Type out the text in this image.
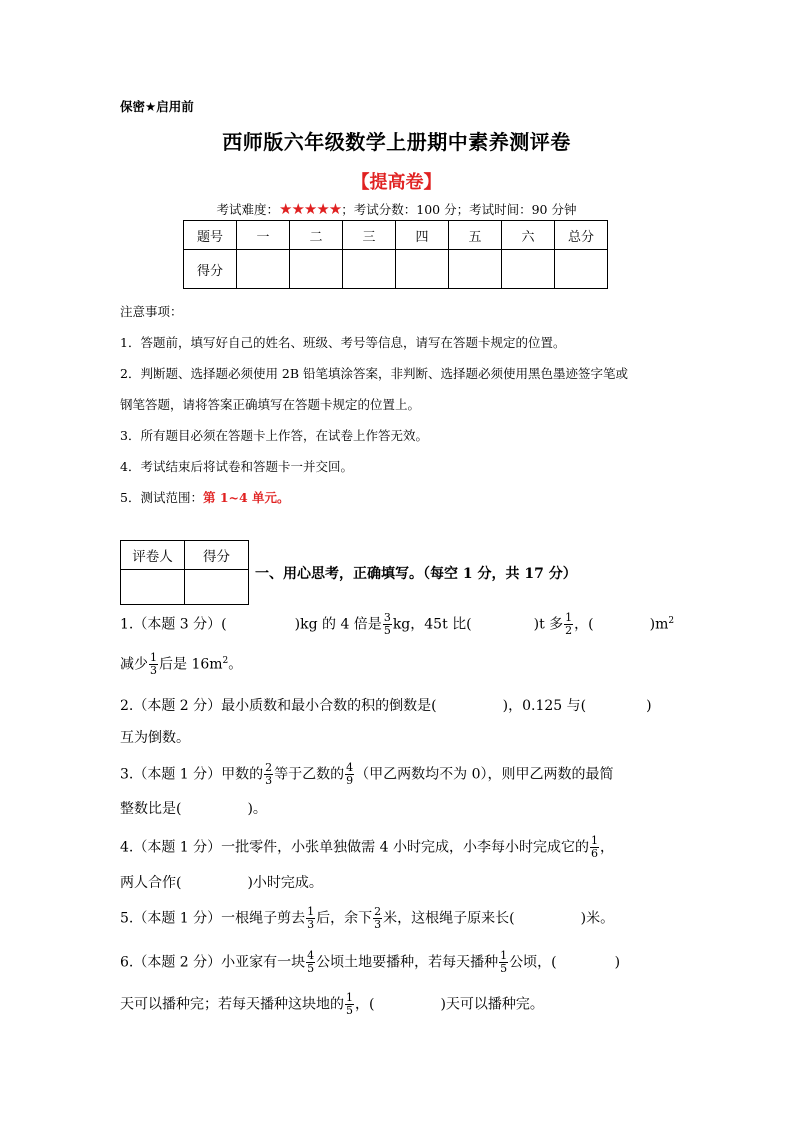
保密★启用前
西师版六年级数学上册期中素养测评卷
【提高卷】
考试难度：★★★★★；考试分数：100 分；考试时间：90 分钟
题号	一	二	三	四	五	六	总分
得分							
注意事项：
1．答题前，填写好自己的姓名、班级、考号等信息，请写在答题卡规定的位置。
2．判断题、选择题必须使用 2B 铅笔填涂答案，非判断、选择题必须使用黑色墨迹签字笔或
钢笔答题，请将答案正确填写在答题卡规定的位置上。
3．所有题目必须在答题卡上作答，在试卷上作答无效。
4．考试结束后将试卷和答题卡一并交回。
5．测试范围：第 1~4 单元。
评卷人	得分

一、用心思考，正确填写。（每空 1 分，共 17 分）
1.（本题 3 分）(	)kg 的 4 倍是 $\frac{3}{5}$ kg，45t 比(	)t 多 $\frac{1}{2}$ ，(	)$m^2$
减少 $\frac{1}{3}$ 后是 $16m^2$。
2.（本题 2 分）最小质数和最小合数的积的倒数是(	)，0.125 与(	)
互为倒数。
3.（本题 1 分）甲数的 $\frac{2}{3}$ 等于乙数的 $\frac{4}{9}$ （甲乙两数均不为 0），则甲乙两数的最简
整数比是(	)。
4.（本题 1 分）一批零件，小张单独做需 4 小时完成，小李每小时完成它的 $\frac{1}{6}$ ，
两人合作(	)小时完成。
5.（本题 1 分）一根绳子剪去 $\frac{1}{3}$ 后，余下 $\frac{2}{3}$ 米，这根绳子原来长(	)米。
6.（本题 2 分）小亚家有一块 $\frac{4}{5}$ 公顷土地要播种，若每天播种 $\frac{1}{5}$ 公顷，(	)
天可以播种完；若每天播种这块地的 $\frac{1}{5}$ ，(	)天可以播种完。
